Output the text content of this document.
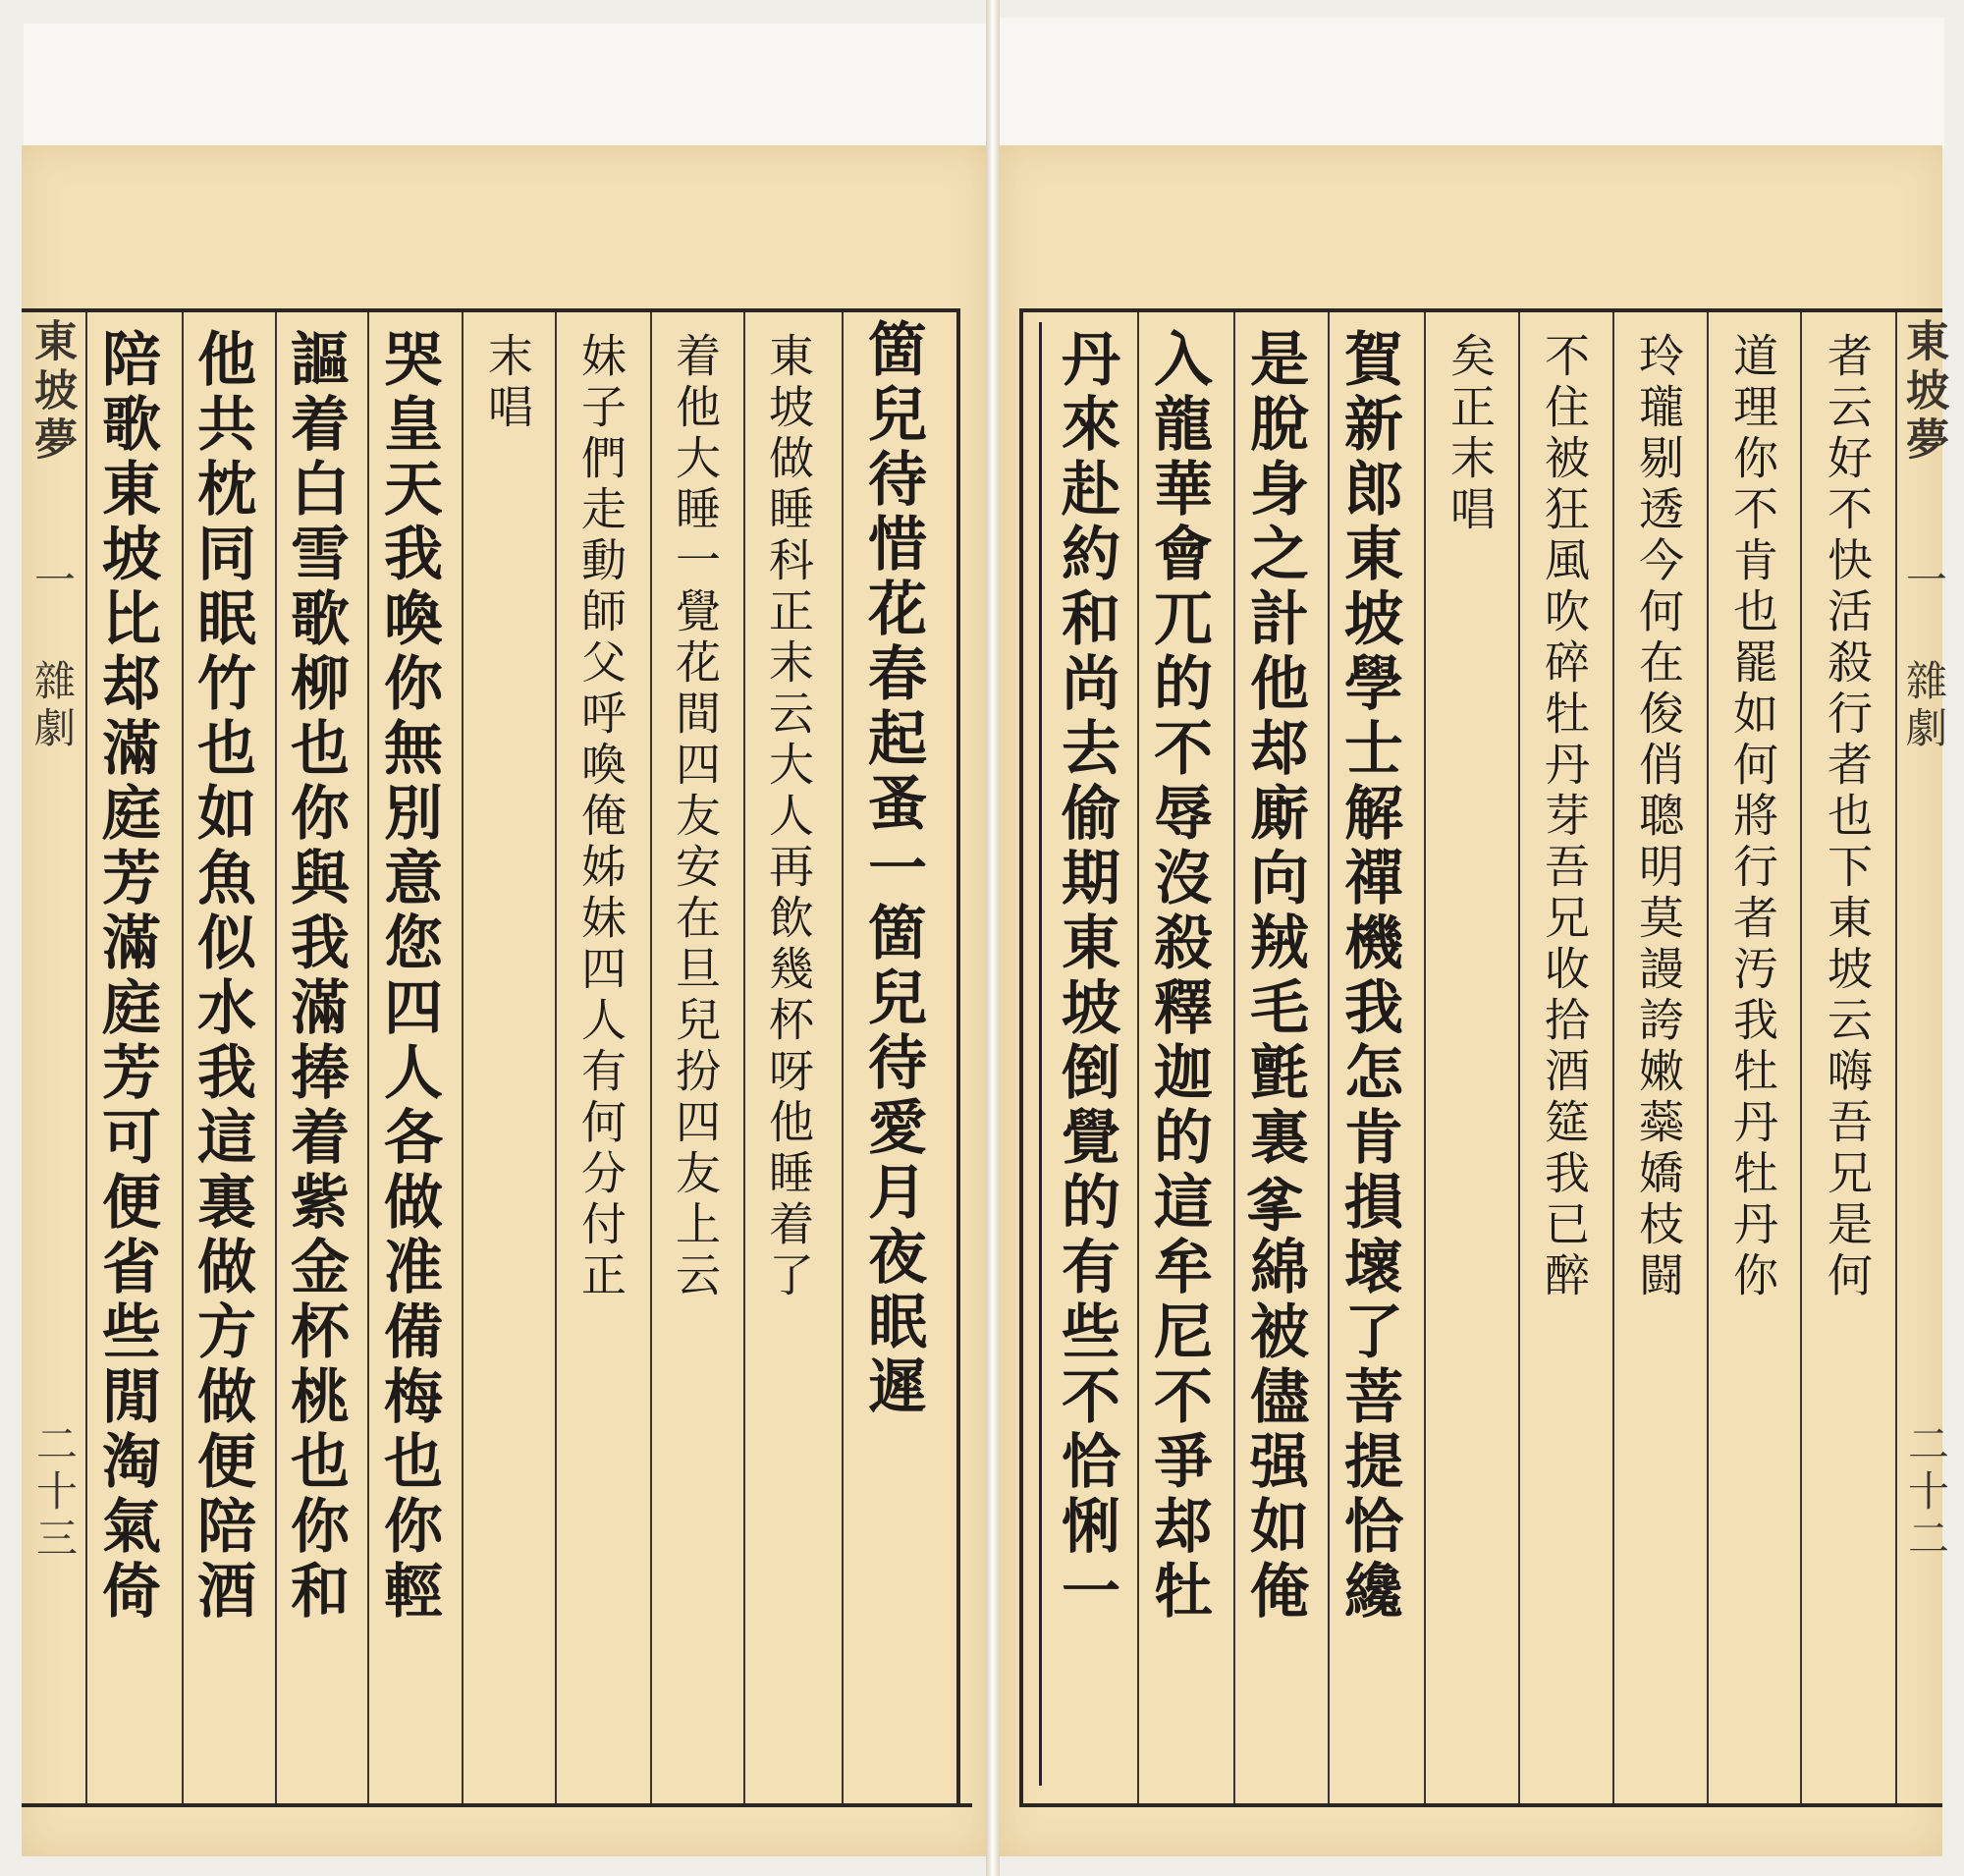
東坡夢
一 雜劇
二十三 陪歌東坡比𨚫滿庭芳滿庭芳可便省些閒淘氣倚 他共枕同眠竹也如魚似水我這裏做方做便陪酒 謳着白雪歌柳也你與我滿捧着紫金杯桃也你和 哭皇天我喚你無別意您四人各做准備梅也你輕 末唱 妹子們走動師父呼喚俺姊妹四人有何分付正 着他大睡一覺花間四友安在旦兒扮四友上云 東坡做睡科正末云大人再飲幾杯呀他睡着了 箇兒待惜花春起蚤一箇兒待愛月夜眠遲 丹來赴約和尚去偷期東坡倒覺的有些不恰悧一 入龍華會兀的不辱沒殺釋迦的這牟尼不爭𨚫牡 是脫身之計他𨚫廝向羢毛氈裏𢪘綿被儘强如俺 賀新郎東坡學士解禪機我怎肯損壞了菩提恰纔 矣正末唱 不住被狂風吹碎牡丹芽吾兄收拾酒筵我已醉 玲瓏剔透今何在俊俏聰明莫謾誇嫩蘂嬌枝闘 道理你不肯也罷如何將行者汚我牡丹牡丹你 者云好不快活殺行者也下東坡云嗨吾兄是何 東坡夢
一 雜劇
二十二
